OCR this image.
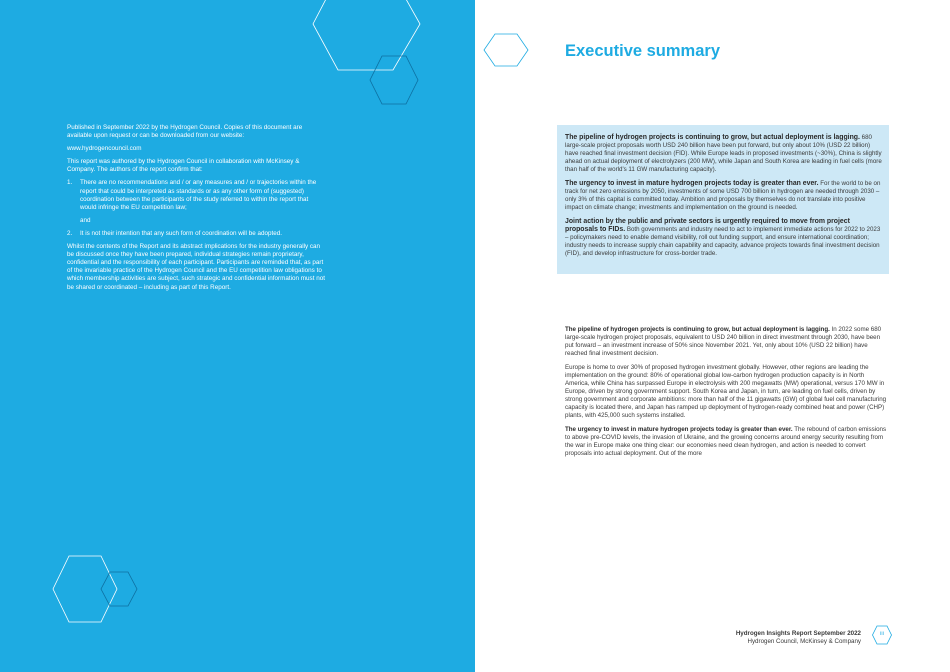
Published in September 2022 by the Hydrogen Council. Copies of this document are available upon request or can be downloaded from our website:

www.hydrogencouncil.com

This report was authored by the Hydrogen Council in collaboration with McKinsey & Company. The authors of the report confirm that:

1. There are no recommendations and / or any measures and / or trajectories within the report that could be interpreted as standards or as any other form of (suggested) coordination between the participants of the study referred to within the report that would infringe the EU competition law;
and
2. It is not their intention that any such form of coordination will be adopted.

Whilst the contents of the Report and its abstract implications for the industry generally can be discussed once they have been prepared, individual strategies remain proprietary, confidential and the responsibility of each participant. Participants are reminded that, as part of the invariable practice of the Hydrogen Council and the EU competition law obligations to which membership activities are subject, such strategic and confidential information must not be shared or coordinated – including as part of this Report.

Executive summary

The pipeline of hydrogen projects is continuing to grow, but actual deployment is lagging. 680 large-scale project proposals worth USD 240 billion have been put forward, but only about 10% (USD 22 billion) have reached final investment decision (FID). While Europe leads in proposed investments (~30%), China is slightly ahead on actual deployment of electrolyzers (200 MW), while Japan and South Korea are leading in fuel cells (more than half of the world's 11 GW manufacturing capacity).

The urgency to invest in mature hydrogen projects today is greater than ever. For the world to be on track for net zero emissions by 2050, investments of some USD 700 billion in hydrogen are needed through 2030 – only 3% of this capital is committed today. Ambition and proposals by themselves do not translate into positive impact on climate change; investments and implementation on the ground is needed.

Joint action by the public and private sectors is urgently required to move from project proposals to FIDs. Both governments and industry need to act to implement immediate actions for 2022 to 2023 – policymakers need to enable demand visibility, roll out funding support, and ensure international coordination; industry needs to increase supply chain capability and capacity, advance projects towards final investment decision (FID), and develop infrastructure for cross-border trade.

The pipeline of hydrogen projects is continuing to grow, but actual deployment is lagging. In 2022 some 680 large-scale hydrogen project proposals, equivalent to USD 240 billion in direct investment through 2030, have been put forward – an investment increase of 50% since November 2021. Yet, only about 10% (USD 22 billion) have reached final investment decision.

Europe is home to over 30% of proposed hydrogen investment globally. However, other regions are leading the implementation on the ground: 80% of operational global low-carbon hydrogen production capacity is in North America, while China has surpassed Europe in electrolysis with 200 megawatts (MW) operational, versus 170 MW in Europe, driven by strong government support. South Korea and Japan, in turn, are leading on fuel cells, driven by strong government and corporate ambitions: more than half of the 11 gigawatts (GW) of global fuel cell manufacturing capacity is located there, and Japan has ramped up deployment of hydrogen-ready combined heat and power (CHP) plants, with 425,000 such systems installed.

The urgency to invest in mature hydrogen projects today is greater than ever. The rebound of carbon emissions to above pre-COVID levels, the invasion of Ukraine, and the growing concerns around energy security resulting from the war in Europe make one thing clear: our economies need clean hydrogen, and action is needed to convert proposals into actual deployment. Out of the more

Hydrogen Insights Report September 2022
Hydrogen Council, McKinsey & Company
iii
